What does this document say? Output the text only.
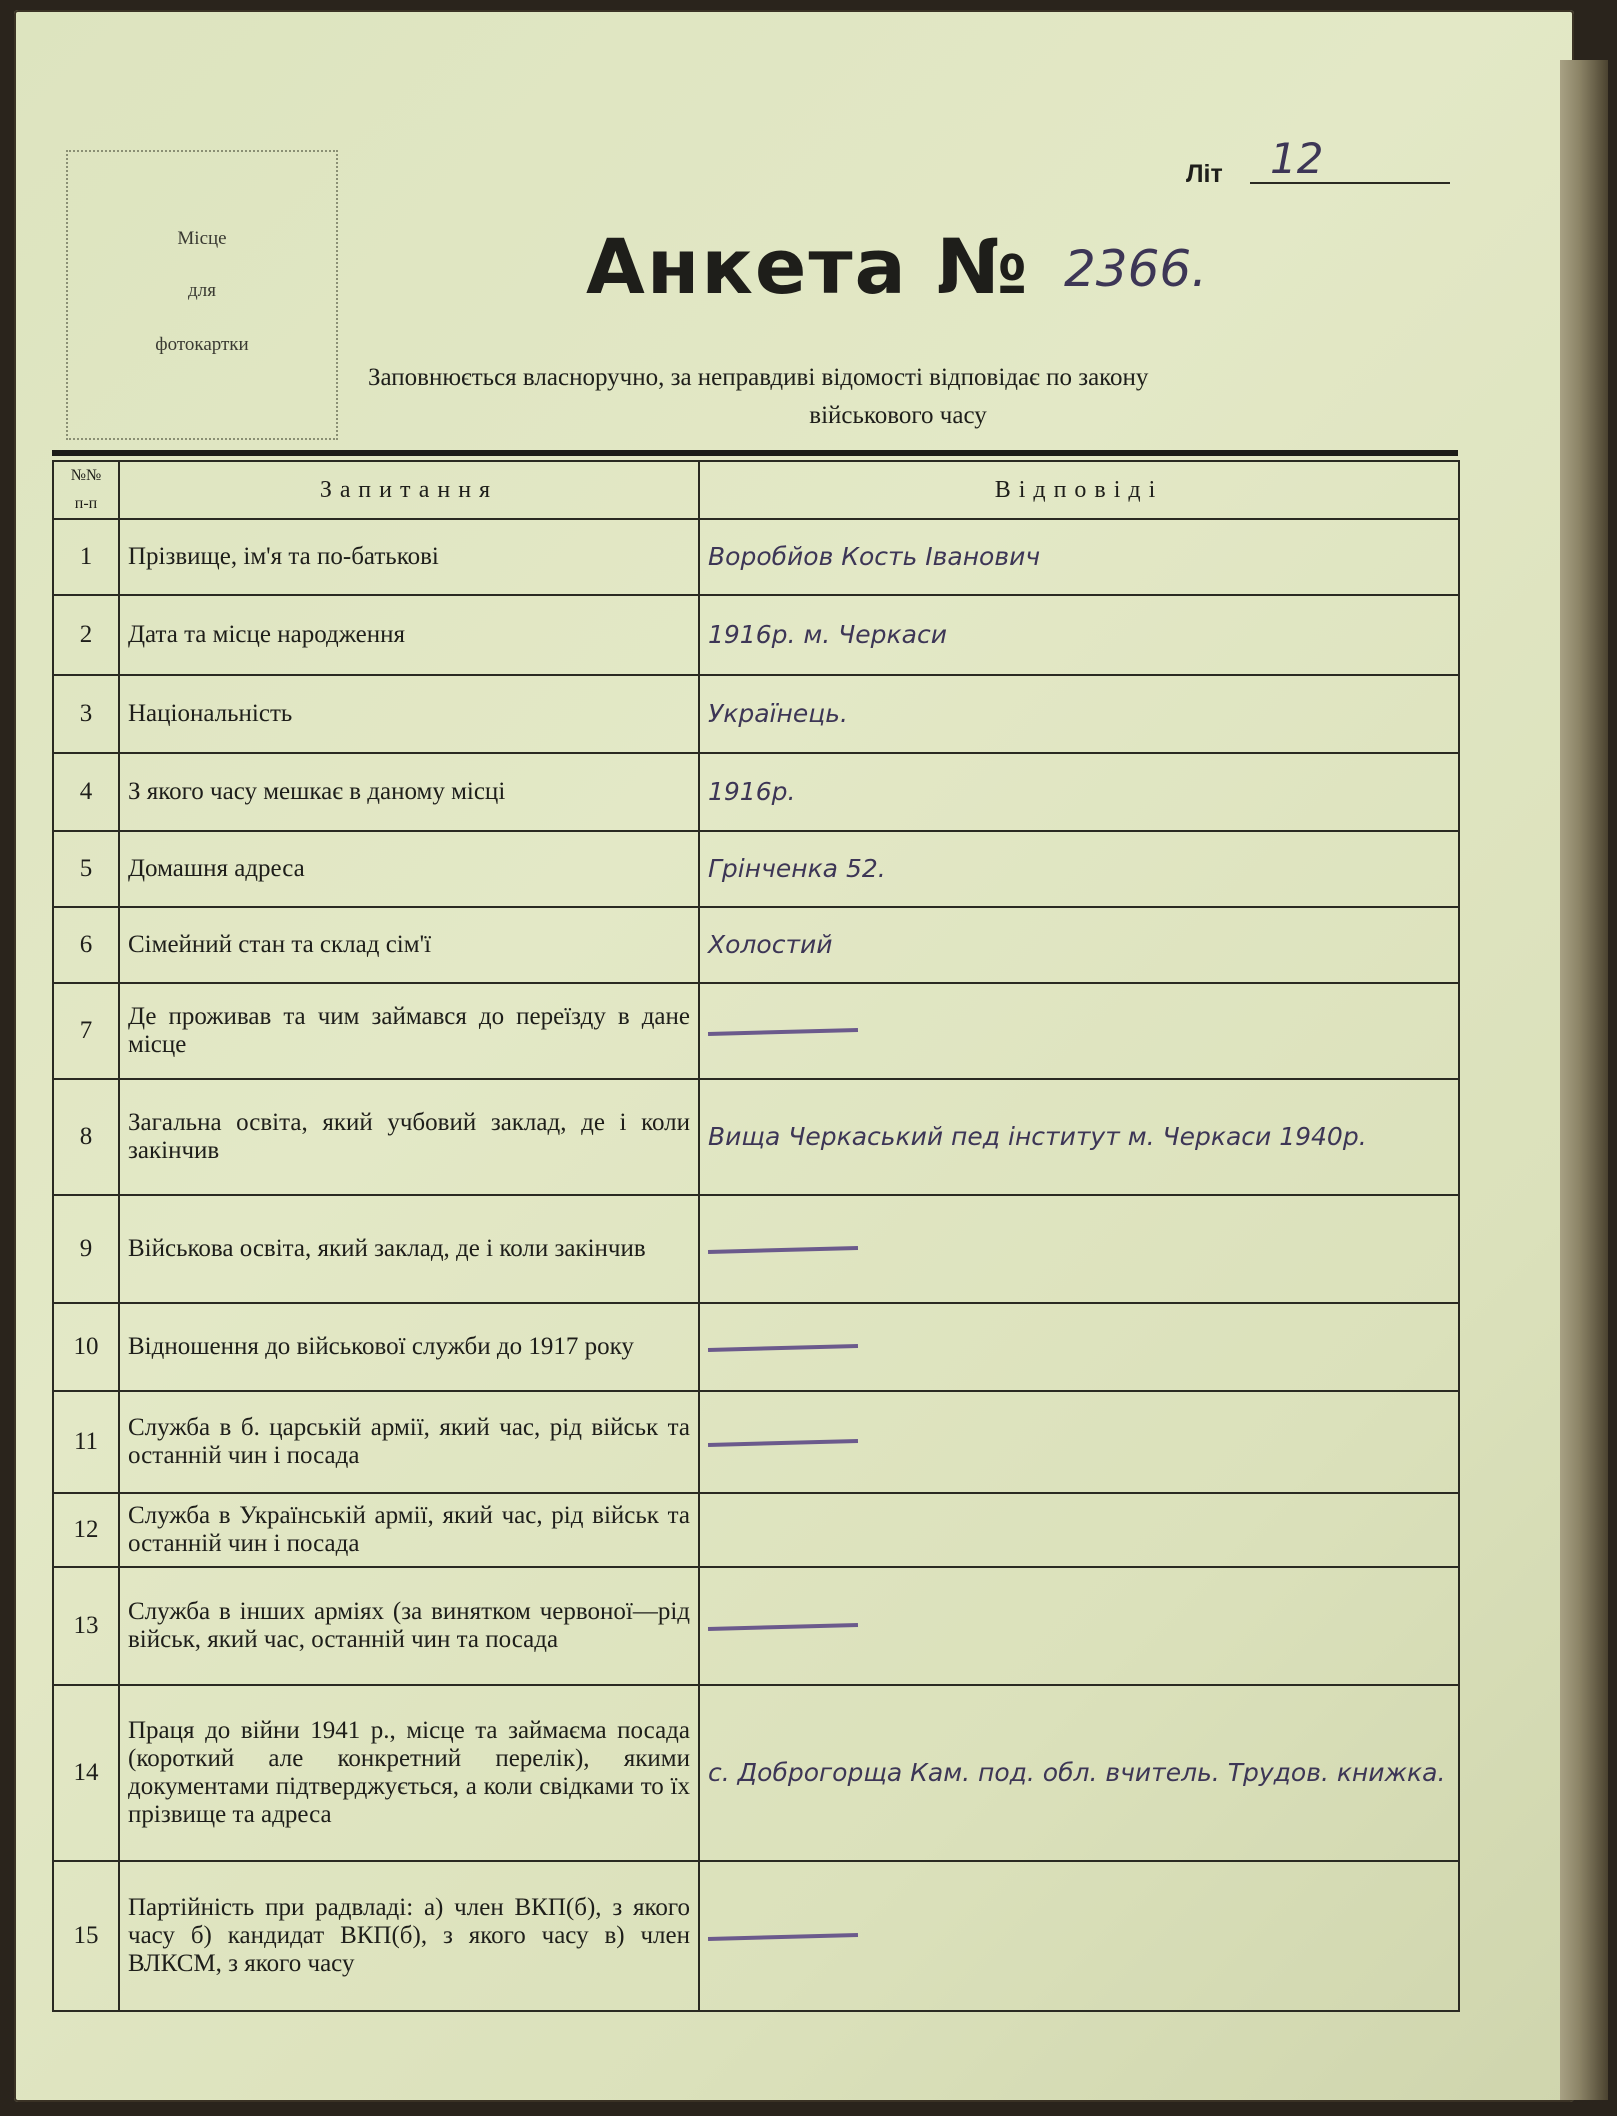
Місце
для
фотокартки
Літ 12
Анкета № 2366.
Заповнюється власноручно, за неправдиві відомості відповідає по закону
військового часу
№№ п-п	Запитання	Відповіді
1	Прізвище, ім'я та по-батькові	Воробйов Кость Іванович
2	Дата та місце народження	1916р. м. Черкаси
3	Національність	Українець.
4	З якого часу мешкає в даному місці	1916р.
5	Домашня адреса	Грінченка 52.
6	Сімейний стан та склад сім'ї	Холостий
7	Де проживав та чим займався до переїзду в дане місце	
8	Загальна освіта, який учбовий заклад, де і коли закінчив	Вища Черкаський пед інститут м. Черкаси 1940р.
9	Військова освіта, який заклад, де і коли закінчив	
10	Відношення до військової служби до 1917 року	
11	Служба в б. царській армії, який час, рід військ та останній чин і посада	
12	Служба в Українській армії, який час, рід військ та останній чин і посада	
13	Служба в інших арміях (за винятком червоної—рід військ, який час, останній чин та посада	
14	Праця до війни 1941 р., місце та займаєма посада (короткий але конкретний перелік), якими документами підтверджується, а коли свідками то їх прізвище та адреса	с. Доброгорща Кам. под. обл. вчитель. Трудов. книжка.
15	Партійність при радвладі: а) член ВКП(б), з якого часу б) кандидат ВКП(б), з якого часу в) член ВЛКСМ, з якого часу	
